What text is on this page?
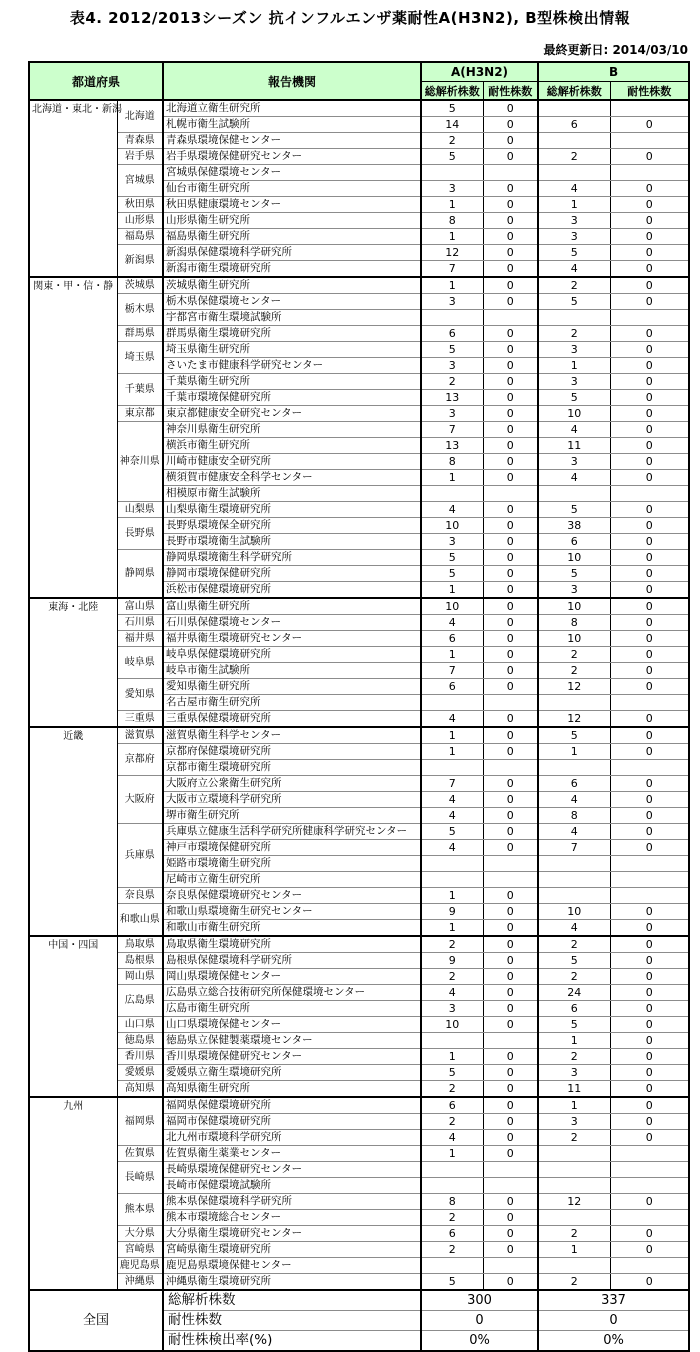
表4. 2012/2013シーズン 抗インフルエンザ薬耐性A(H3N2), B型株検出情報
最終更新日: 2014/03/10
都道府県		報告機関	A(H3N2)		B	
			総解析株数	耐性株数	総解析株数	耐性株数
北海道・東北・新潟	北海道	北海道立衛生研究所	5	0		
		札幌市衛生試験所	14	0	6	0
	青森県	青森県環境保健センター	2	0		
	岩手県	岩手県環境保健研究センター	5	0	2	0
	宮城県	宮城県保健環境センター				
		仙台市衛生研究所	3	0	4	0
	秋田県	秋田県健康環境センター	1	0	1	0
	山形県	山形県衛生研究所	8	0	3	0
	福島県	福島県衛生研究所	1	0	3	0
	新潟県	新潟県保健環境科学研究所	12	0	5	0
		新潟市衛生環境研究所	7	0	4	0
関東・甲・信・静	茨城県	茨城県衛生研究所	1	0	2	0
	栃木県	栃木県保健環境センター	3	0	5	0
		宇都宮市衛生環境試験所				
	群馬県	群馬県衛生環境研究所	6	0	2	0
	埼玉県	埼玉県衛生研究所	5	0	3	0
		さいたま市健康科学研究センター	3	0	1	0
	千葉県	千葉県衛生研究所	2	0	3	0
		千葉市環境保健研究所	13	0	5	0
	東京都	東京都健康安全研究センター	3	0	10	0
	神奈川県	神奈川県衛生研究所	7	0	4	0
		横浜市衛生研究所	13	0	11	0
		川崎市健康安全研究所	8	0	3	0
		横須賀市健康安全科学センター	1	0	4	0
		相模原市衛生試験所				
	山梨県	山梨県衛生環境研究所	4	0	5	0
	長野県	長野県環境保全研究所	10	0	38	0
		長野市環境衛生試験所	3	0	6	0
	静岡県	静岡県環境衛生科学研究所	5	0	10	0
		静岡市環境保健研究所	5	0	5	0
		浜松市保健環境研究所	1	0	3	0
東海・北陸	富山県	富山県衛生研究所	10	0	10	0
	石川県	石川県保健環境センター	4	0	8	0
	福井県	福井県衛生環境研究センター	6	0	10	0
	岐阜県	岐阜県保健環境研究所	1	0	2	0
		岐阜市衛生試験所	7	0	2	0
	愛知県	愛知県衛生研究所	6	0	12	0
		名古屋市衛生研究所				
	三重県	三重県保健環境研究所	4	0	12	0
近畿	滋賀県	滋賀県衛生科学センター	1	0	5	0
	京都府	京都府保健環境研究所	1	0	1	0
		京都市衛生環境研究所				
	大阪府	大阪府立公衆衛生研究所	7	0	6	0
		大阪市立環境科学研究所	4	0	4	0
		堺市衛生研究所	4	0	8	0
	兵庫県	兵庫県立健康生活科学研究所健康科学研究センター	5	0	4	0
		神戸市環境保健研究所	4	0	7	0
		姫路市環境衛生研究所				
		尼崎市立衛生研究所				
	奈良県	奈良県保健環境研究センター	1	0		
	和歌山県	和歌山県環境衛生研究センター	9	0	10	0
		和歌山市衛生研究所	1	0	4	0
中国・四国	鳥取県	鳥取県衛生環境研究所	2	0	2	0
	島根県	島根県保健環境科学研究所	9	0	5	0
	岡山県	岡山県環境保健センター	2	0	2	0
	広島県	広島県立総合技術研究所保健環境センター	4	0	24	0
		広島市衛生研究所	3	0	6	0
	山口県	山口県環境保健センター	10	0	5	0
	徳島県	徳島県立保健製薬環境センター			1	0
	香川県	香川県環境保健研究センター	1	0	2	0
	愛媛県	愛媛県立衛生環境研究所	5	0	3	0
	高知県	高知県衛生研究所	2	0	11	0
九州	福岡県	福岡県保健環境研究所	6	0	1	0
		福岡市保健環境研究所	2	0	3	0
		北九州市環境科学研究所	4	0	2	0
	佐賀県	佐賀県衛生薬業センター	1	0		
	長崎県	長崎県環境保健研究センター				
		長崎市保健環境試験所				
	熊本県	熊本県保健環境科学研究所	8	0	12	0
		熊本市環境総合センター	2	0		
	大分県	大分県衛生環境研究センター	6	0	2	0
	宮崎県	宮崎県衛生環境研究所	2	0	1	0
	鹿児島県	鹿児島県環境保健センター				
	沖縄県	沖縄県衛生環境研究所	5	0	2	0
全国		総解析株数	300		337	
		耐性株数	0		0	
		耐性株検出率(%)	0%		0%	
